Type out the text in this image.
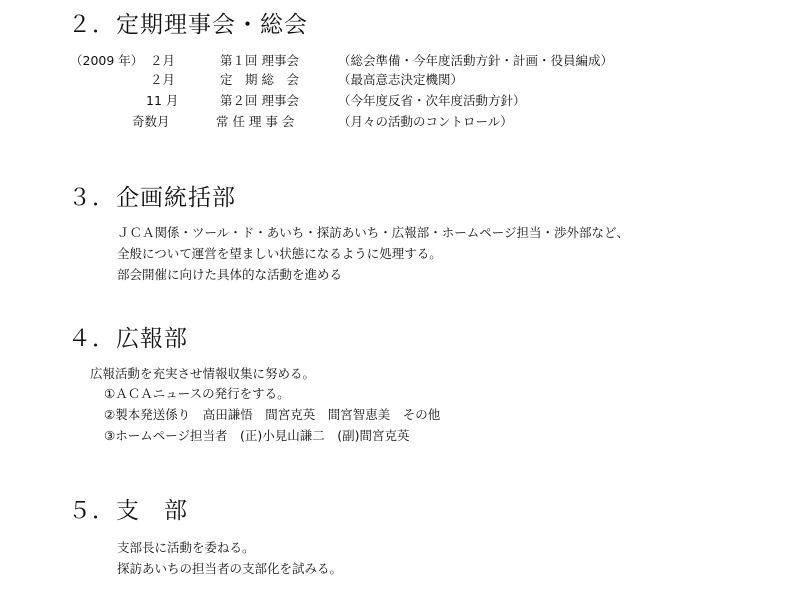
２．定期理事会・総会
（2009 年） ２月	第１回 理事会	（総会準備・今年度活動方針・計画・役員編成）
２月	定　期 総　会	（最高意志決定機関）
11 月	第２回 理事会	（今年度反省・次年度活動方針）
奇数月	常 任 理 事 会	（月々の活動のコントロール）
３．企画統括部
ＪＣＡ関係・ツール・ド・あいち・探訪あいち・広報部・ホームページ担当・渉外部など、
全般について運営を望ましい状態になるように処理する。
部会開催に向けた具体的な活動を進める
４．広報部
広報活動を充実させ情報収集に努める。
①ＡＣＡニュースの発行をする。
②製本発送係り　高田謙悟　間宮克英　間宮智恵美　その他
③ホームページ担当者　(正)小見山謙二　(副)間宮克英
５．支　部
支部長に活動を委ねる。
探訪あいちの担当者の支部化を試みる。
